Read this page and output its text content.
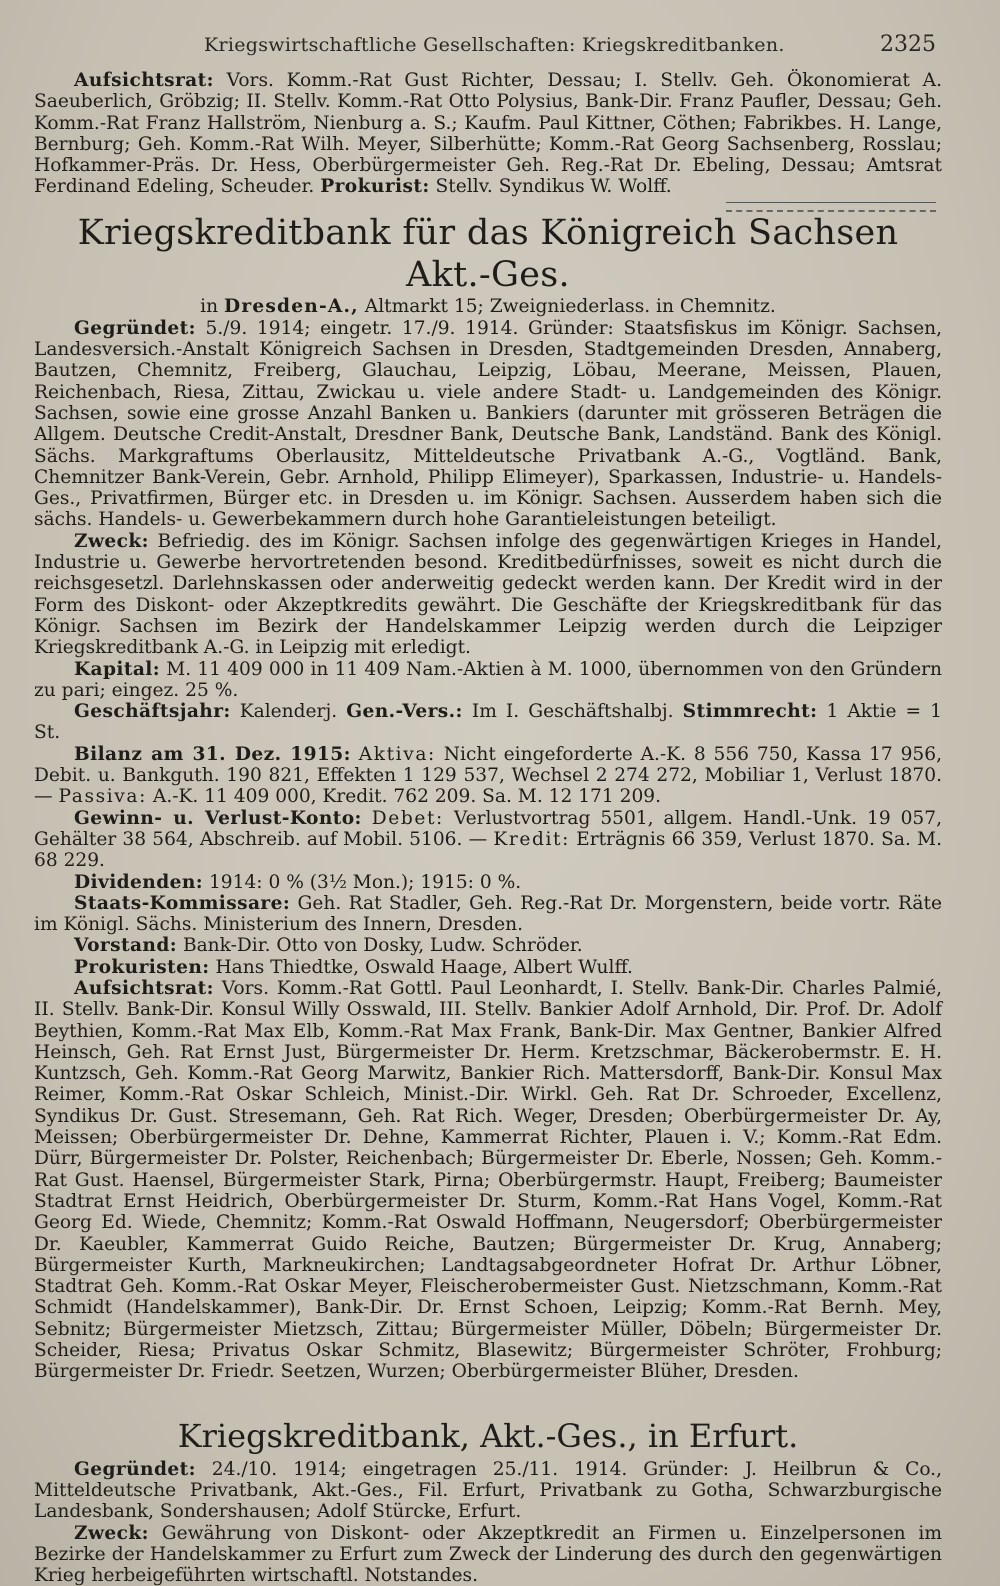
Kriegswirtschaftliche Gesellschaften: Kriegskreditbanken.	2325

Aufsichtsrat: Vors. Komm.-Rat Gust Richter, Dessau; I. Stellv. Geh. Ökonomierat A. Saeuberlich, Gröbzig; II. Stellv. Komm.-Rat Otto Polysius, Bank-Dir. Franz Paufler, Dessau; Geh. Komm.-Rat Franz Hallström, Nienburg a. S.; Kaufm. Paul Kittner, Cöthen; Fabrikbes. H. Lange, Bernburg; Geh. Komm.-Rat Wilh. Meyer, Silberhütte; Komm.-Rat Georg Sachsenberg, Rosslau; Hofkammer-Präs. Dr. Hess, Oberbürgermeister Geh. Reg.-Rat Dr. Ebeling, Dessau; Amtsrat Ferdinand Edeling, Scheuder. Prokurist: Stellv. Syndikus W. Wolff.

Kriegskreditbank für das Königreich Sachsen Akt.-Ges.
in Dresden-A., Altmarkt 15; Zweigniederlass. in Chemnitz.

Gegründet: 5./9. 1914; eingetr. 17./9. 1914. Gründer: Staatsfiskus im Königr. Sachsen, Landesversich.-Anstalt Königreich Sachsen in Dresden, Stadtgemeinden Dresden, Annaberg, Bautzen, Chemnitz, Freiberg, Glauchau, Leipzig, Löbau, Meerane, Meissen, Plauen, Reichenbach, Riesa, Zittau, Zwickau u. viele andere Stadt- u. Landgemeinden des Königr. Sachsen, sowie eine grosse Anzahl Banken u. Bankiers (darunter mit grösseren Beträgen die Allgem. Deutsche Credit-Anstalt, Dresdner Bank, Deutsche Bank, Landständ. Bank des Königl. Sächs. Markgraftums Oberlausitz, Mitteldeutsche Privatbank A.-G., Vogtländ. Bank, Chemnitzer Bank-Verein, Gebr. Arnhold, Philipp Elimeyer), Sparkassen, Industrie- u. Handels-Ges., Privatfirmen, Bürger etc. in Dresden u. im Königr. Sachsen. Ausserdem haben sich die sächs. Handels- u. Gewerbekammern durch hohe Garantieleistungen beteiligt.

Zweck: Befriedig. des im Königr. Sachsen infolge des gegenwärtigen Krieges in Handel, Industrie u. Gewerbe hervortretenden besond. Kreditbedürfnisses, soweit es nicht durch die reichsgesetzl. Darlehnskassen oder anderweitig gedeckt werden kann. Der Kredit wird in der Form des Diskont- oder Akzeptkredits gewährt. Die Geschäfte der Kriegskreditbank für das Königr. Sachsen im Bezirk der Handelskammer Leipzig werden durch die Leipziger Kriegskreditbank A.-G. in Leipzig mit erledigt.

Kapital: M. 11 409 000 in 11 409 Nam.-Aktien à M. 1000, übernommen von den Gründern zu pari; eingez. 25 %.

Geschäftsjahr: Kalenderj. Gen.-Vers.: Im I. Geschäftshalbj. Stimmrecht: 1 Aktie = 1 St.

Bilanz am 31. Dez. 1915: Aktiva: Nicht eingeforderte A.-K. 8 556 750, Kassa 17 956, Debit. u. Bankguth. 190 821, Effekten 1 129 537, Wechsel 2 274 272, Mobiliar 1, Verlust 1870. — Passiva: A.-K. 11 409 000, Kredit. 762 209. Sa. M. 12 171 209.

Gewinn- u. Verlust-Konto: Debet: Verlustvortrag 5501, allgem. Handl.-Unk. 19 057, Gehälter 38 564, Abschreib. auf Mobil. 5106. — Kredit: Erträgnis 66 359, Verlust 1870. Sa. M. 68 229.

Dividenden: 1914: 0 % (3½ Mon.); 1915: 0 %.

Staats-Kommissare: Geh. Rat Stadler, Geh. Reg.-Rat Dr. Morgenstern, beide vortr. Räte im Königl. Sächs. Ministerium des Innern, Dresden.

Vorstand: Bank-Dir. Otto von Dosky, Ludw. Schröder.

Prokuristen: Hans Thiedtke, Oswald Haage, Albert Wulff.

Aufsichtsrat: Vors. Komm.-Rat Gottl. Paul Leonhardt, I. Stellv. Bank-Dir. Charles Palmié, II. Stellv. Bank-Dir. Konsul Willy Osswald, III. Stellv. Bankier Adolf Arnhold, Dir. Prof. Dr. Adolf Beythien, Komm.-Rat Max Elb, Komm.-Rat Max Frank, Bank-Dir. Max Gentner, Bankier Alfred Heinsch, Geh. Rat Ernst Just, Bürgermeister Dr. Herm. Kretzschmar, Bäckerobermstr. E. H. Kuntzsch, Geh. Komm.-Rat Georg Marwitz, Bankier Rich. Mattersdorff, Bank-Dir. Konsul Max Reimer, Komm.-Rat Oskar Schleich, Minist.-Dir. Wirkl. Geh. Rat Dr. Schroeder, Excellenz, Syndikus Dr. Gust. Stresemann, Geh. Rat Rich. Weger, Dresden; Oberbürgermeister Dr. Ay, Meissen; Oberbürgermeister Dr. Dehne, Kammerrat Richter, Plauen i. V.; Komm.-Rat Edm. Dürr, Bürgermeister Dr. Polster, Reichenbach; Bürgermeister Dr. Eberle, Nossen; Geh. Komm.-Rat Gust. Haensel, Bürgermeister Stark, Pirna; Oberbürgermstr. Haupt, Freiberg; Baumeister Stadtrat Ernst Heidrich, Oberbürgermeister Dr. Sturm, Komm.-Rat Hans Vogel, Komm.-Rat Georg Ed. Wiede, Chemnitz; Komm.-Rat Oswald Hoffmann, Neugersdorf; Oberbürgermeister Dr. Kaeubler, Kammerrat Guido Reiche, Bautzen; Bürgermeister Dr. Krug, Annaberg; Bürgermeister Kurth, Markneukirchen; Landtagsabgeordneter Hofrat Dr. Arthur Löbner, Stadtrat Geh. Komm.-Rat Oskar Meyer, Fleischerobermeister Gust. Nietzschmann, Komm.-Rat Schmidt (Handelskammer), Bank-Dir. Dr. Ernst Schoen, Leipzig; Komm.-Rat Bernh. Mey, Sebnitz; Bürgermeister Mietzsch, Zittau; Bürgermeister Müller, Döbeln; Bürgermeister Dr. Scheider, Riesa; Privatus Oskar Schmitz, Blasewitz; Bürgermeister Schröter, Frohburg; Bürgermeister Dr. Friedr. Seetzen, Wurzen; Oberbürgermeister Blüher, Dresden.

Kriegskreditbank, Akt.-Ges., in Erfurt.

Gegründet: 24./10. 1914; eingetragen 25./11. 1914. Gründer: J. Heilbrun & Co., Mitteldeutsche Privatbank, Akt.-Ges., Fil. Erfurt, Privatbank zu Gotha, Schwarzburgische Landesbank, Sondershausen; Adolf Stürcke, Erfurt.

Zweck: Gewährung von Diskont- oder Akzeptkredit an Firmen u. Einzelpersonen im Bezirke der Handelskammer zu Erfurt zum Zweck der Linderung des durch den gegenwärtigen Krieg herbeigeführten wirtschaftl. Notstandes.
